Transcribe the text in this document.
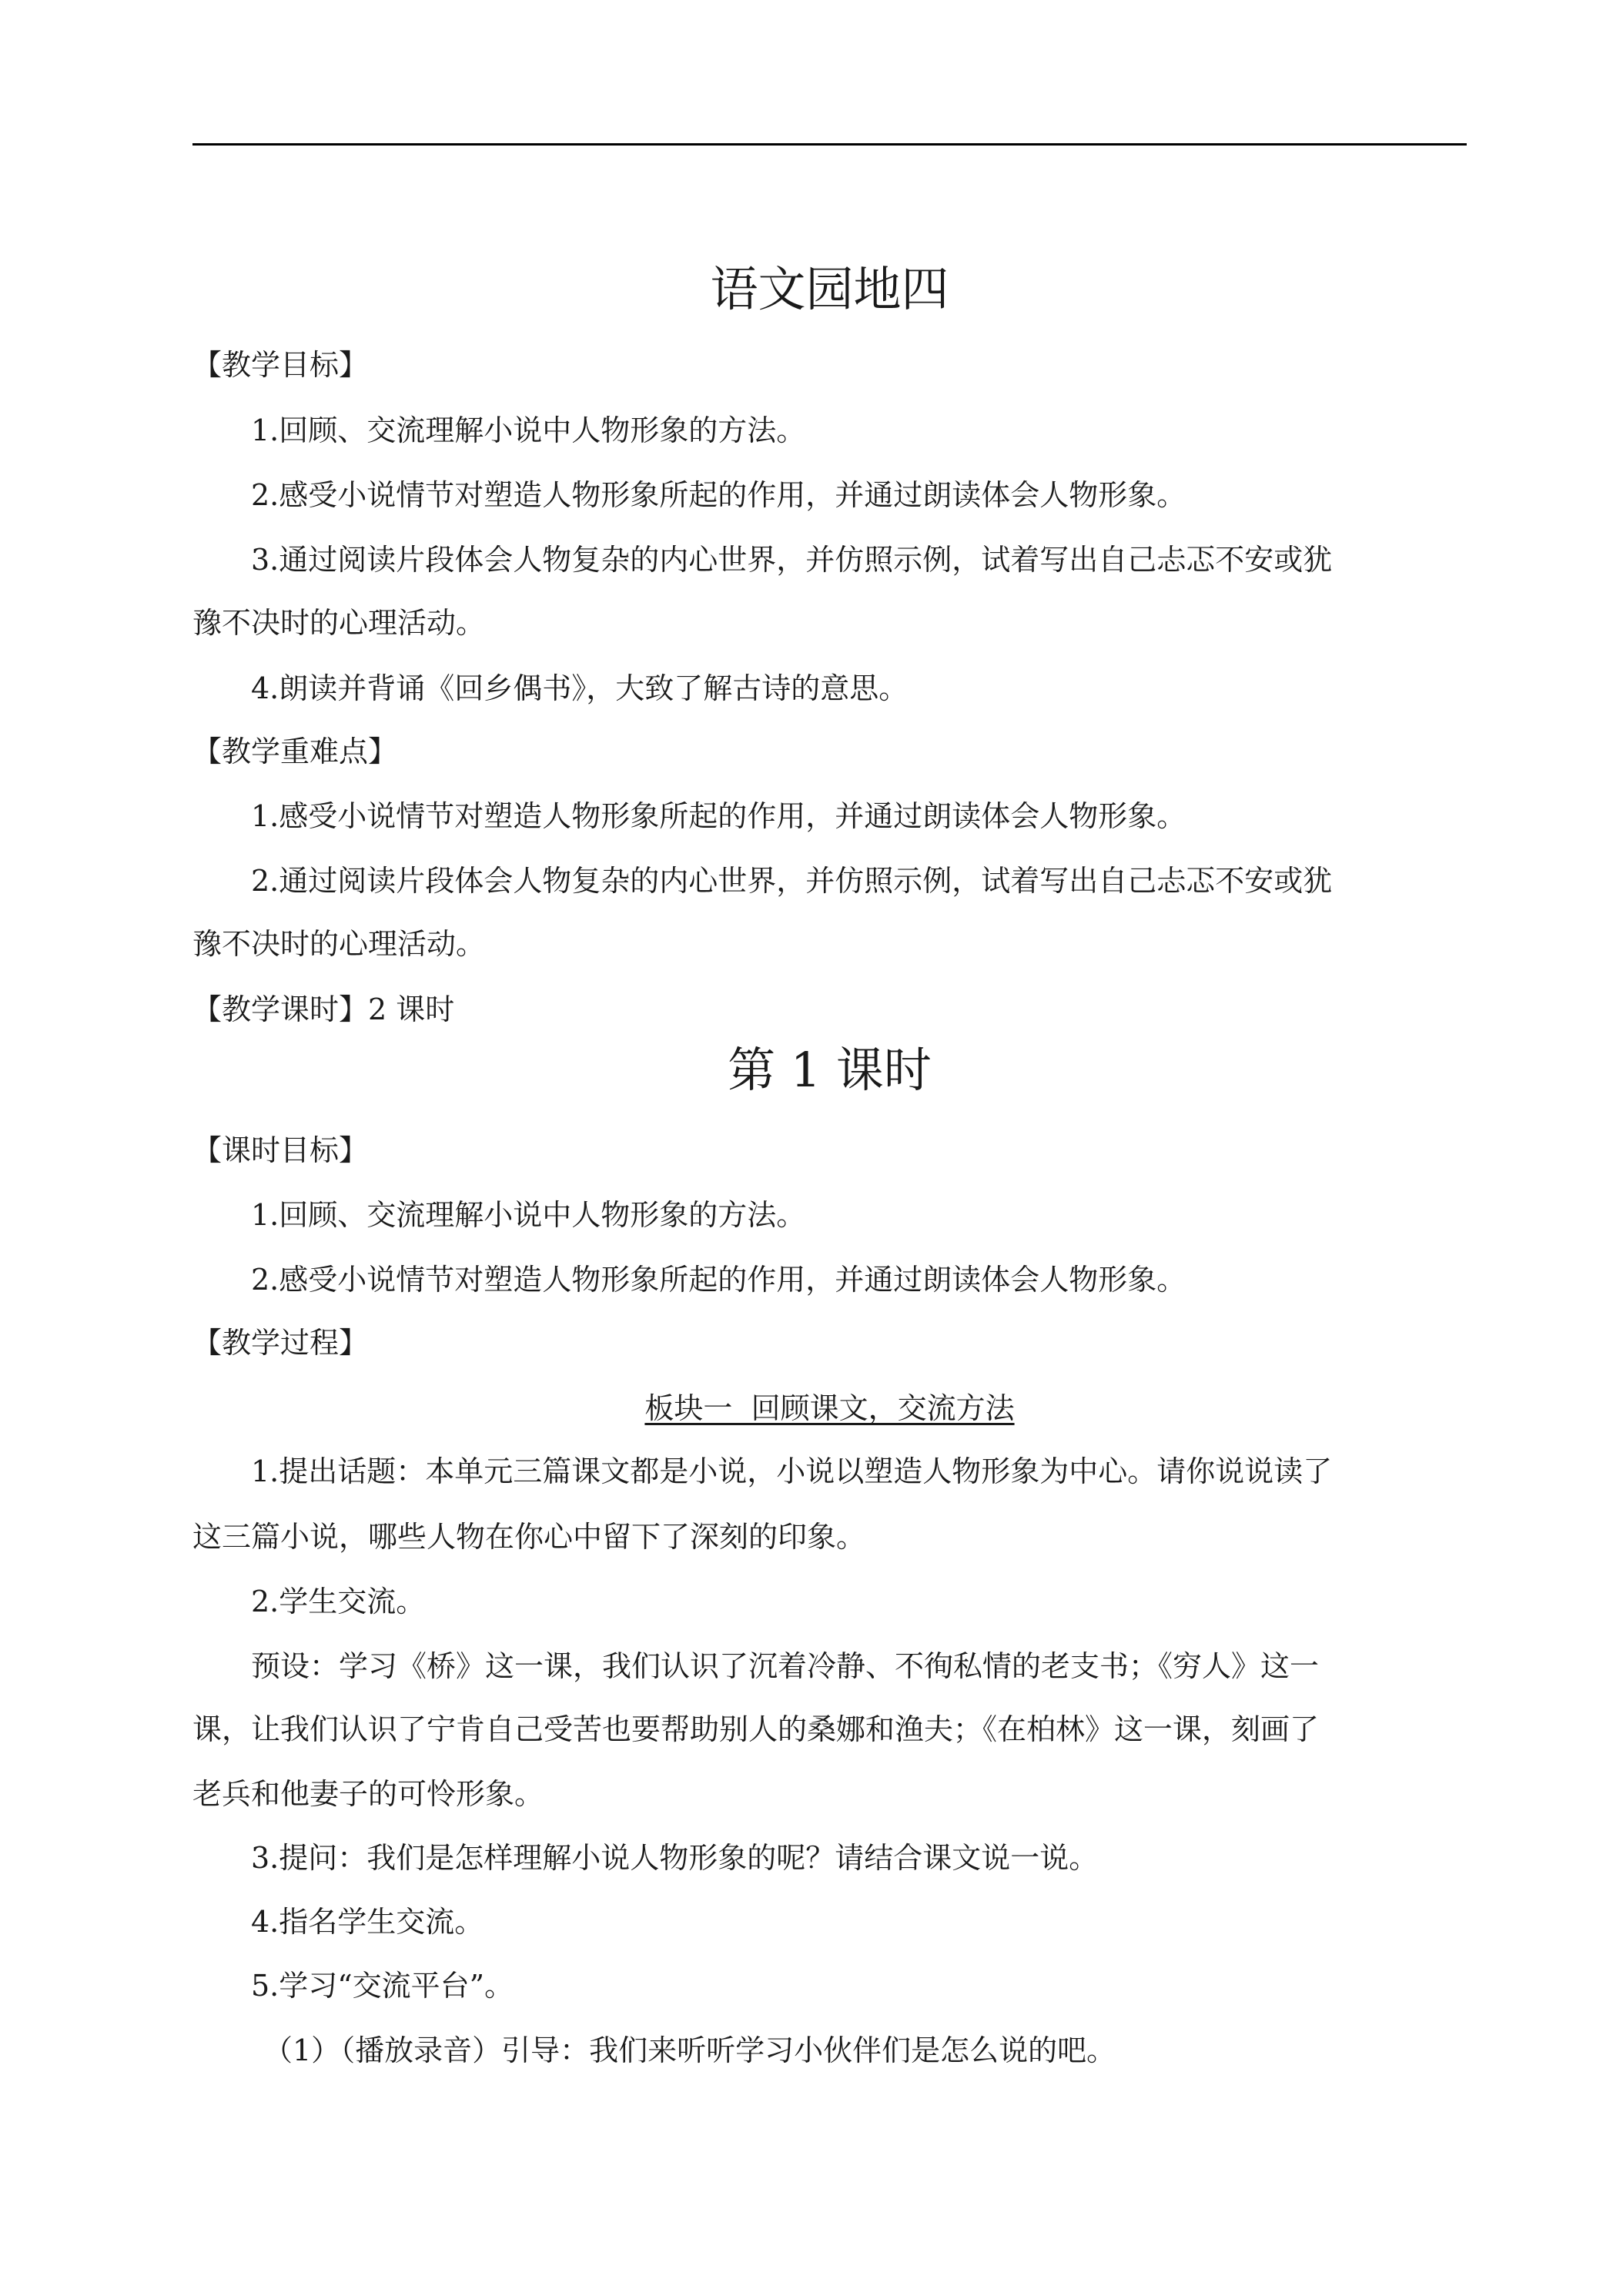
语文园地四
【教学目标】
1.回顾、交流理解小说中人物形象的方法。
2.感受小说情节对塑造人物形象所起的作用，并通过朗读体会人物形象。
3.通过阅读片段体会人物复杂的内心世界，并仿照示例，试着写出自己忐忑不安或犹
豫不决时的心理活动。
4.朗读并背诵《回乡偶书》，大致了解古诗的意思。
【教学重难点】
1.感受小说情节对塑造人物形象所起的作用，并通过朗读体会人物形象。
2.通过阅读片段体会人物复杂的内心世界，并仿照示例，试着写出自己忐忑不安或犹
豫不决时的心理活动。
【教学课时】2 课时
第 1 课时
【课时目标】
1.回顾、交流理解小说中人物形象的方法。
2.感受小说情节对塑造人物形象所起的作用，并通过朗读体会人物形象。
【教学过程】
板块一  回顾课文，交流方法
1.提出话题：本单元三篇课文都是小说，小说以塑造人物形象为中心。请你说说读了
这三篇小说，哪些人物在你心中留下了深刻的印象。
2.学生交流。
预设：学习《桥》这一课，我们认识了沉着冷静、不徇私情的老支书；《穷人》这一
课，让我们认识了宁肯自己受苦也要帮助别人的桑娜和渔夫；《在柏林》这一课，刻画了
老兵和他妻子的可怜形象。
3.提问：我们是怎样理解小说人物形象的呢？请结合课文说一说。
4.指名学生交流。
5.学习“交流平台”。
（1）（播放录音）引导：我们来听听学习小伙伴们是怎么说的吧。
